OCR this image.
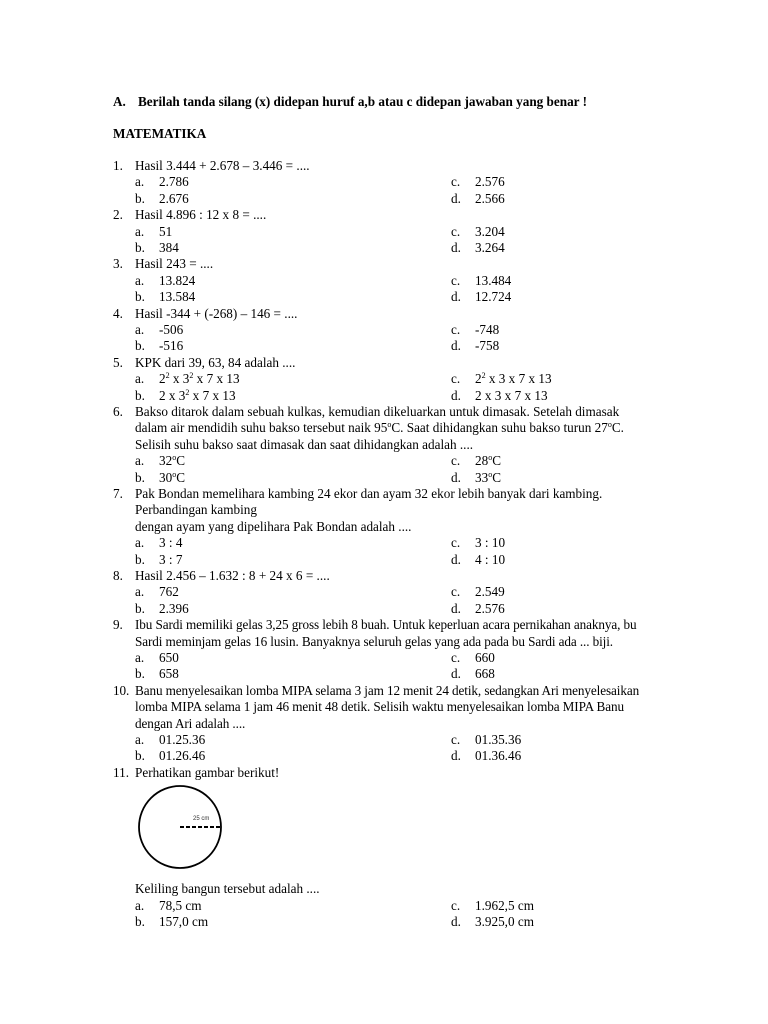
A. Berilah tanda silang (x) didepan huruf a,b atau c didepan jawaban yang benar !
MATEMATIKA
1. Hasil 3.444 + 2.678 – 3.446 = ....
a. 2.786	c. 2.576
b. 2.676	d. 2.566
2. Hasil 4.896 : 12 x 8 = ....
a. 51	c. 3.204
b. 384	d. 3.264
3. Hasil 243 = ....
a. 13.824	c. 13.484
b. 13.584	d. 12.724
4. Hasil -344 + (-268) – 146 = ....
a. -506	c. -748
b. -516	d. -758
5. KPK dari 39, 63, 84 adalah ....
a. $2^2$ x $3^2$ x 7 x 13	c. $2^2$ x 3 x 7 x 13
b. 2 x $3^2$ x 7 x 13	d. 2 x 3 x 7 x 13
6. Bakso ditarok dalam sebuah kulkas, kemudian dikeluarkan untuk dimasak. Setelah dimasak
dalam air mendidih suhu bakso tersebut naik 95$^o$C. Saat dihidangkan suhu bakso turun 27$^o$C.
Selisih suhu bakso saat dimasak dan saat dihidangkan adalah ....
a. 32$^o$C	c. 28$^o$C
b. 30$^o$C	d. 33$^o$C
7. Pak Bondan memelihara kambing 24 ekor dan ayam 32 ekor lebih banyak dari kambing.
Perbandingan kambing
dengan ayam yang dipelihara Pak Bondan adalah ....
a. 3 : 4	c. 3 : 10
b. 3 : 7	d. 4 : 10
8. Hasil 2.456 – 1.632 : 8 + 24 x 6 = ....
a. 762	c. 2.549
b. 2.396	d. 2.576
9. Ibu Sardi memiliki gelas 3,25 gross lebih 8 buah. Untuk keperluan acara pernikahan anaknya, bu
Sardi meminjam gelas 16 lusin. Banyaknya seluruh gelas yang ada pada bu Sardi ada ... biji.
a. 650	c. 660
b. 658	d. 668
10. Banu menyelesaikan lomba MIPA selama 3 jam 12 menit 24 detik, sedangkan Ari menyelesaikan
lomba MIPA selama 1 jam 46 menit 48 detik. Selisih waktu menyelesaikan lomba MIPA Banu
dengan Ari adalah ....
a. 01.25.36	c. 01.35.36
b. 01.26.46	d. 01.36.46
11. Perhatikan gambar berikut!
25 cm
Keliling bangun tersebut adalah ....
a. 78,5 cm	c. 1.962,5 cm
b. 157,0 cm	d. 3.925,0 cm
